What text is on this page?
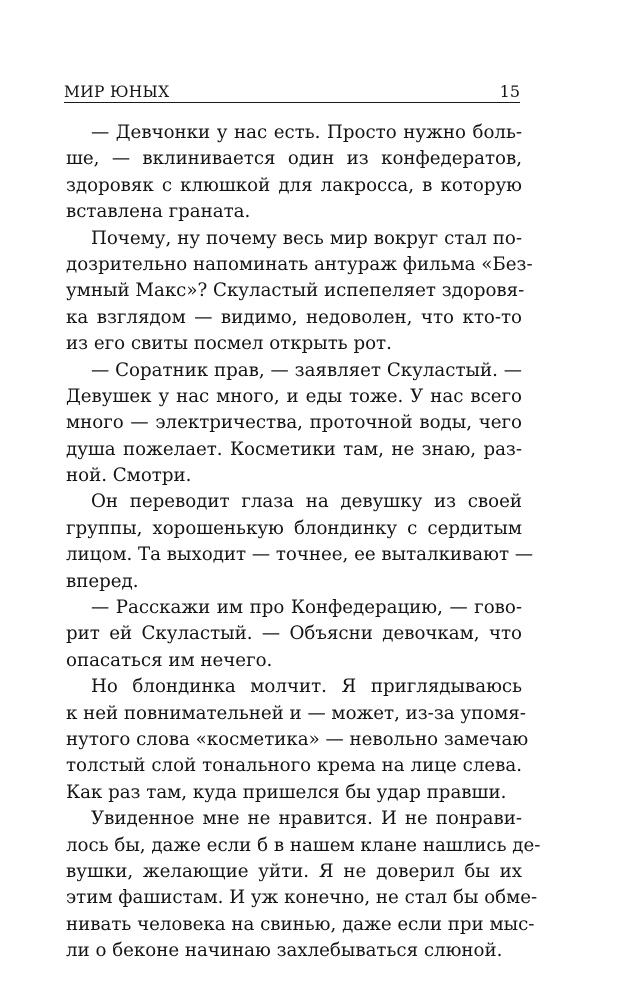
МИР ЮНЫХ	15

— Девчонки у нас есть. Просто нужно боль-
ше, — вклинивается один из конфедератов,
здоровяк с клюшкой для лакросса, в которую
вставлена граната.

Почему, ну почему весь мир вокруг стал по-
дозрительно напоминать антураж фильма «Без-
умный Макс»? Скуластый испепеляет здоровя-
ка взглядом — видимо, недоволен, что кто-то
из его свиты посмел открыть рот.

— Соратник прав, — заявляет Скуластый. —
Девушек у нас много, и еды тоже. У нас всего
много — электричества, проточной воды, чего
душа пожелает. Косметики там, не знаю, раз-
ной. Смотри.

Он переводит глаза на девушку из своей
группы, хорошенькую блондинку с сердитым
лицом. Та выходит — точнее, ее выталкивают —
вперед.

— Расскажи им про Конфедерацию, — гово-
рит ей Скуластый. — Объясни девочкам, что
опасаться им нечего.

Но блондинка молчит. Я приглядываюсь
к ней повнимательней и — может, из-за упомя-
нутого слова «косметика» — невольно замечаю
толстый слой тонального крема на лице слева.
Как раз там, куда пришелся бы удар правши.

Увиденное мне не нравится. И не понрави-
лось бы, даже если б в нашем клане нашлись де-
вушки, желающие уйти. Я не доверил бы их
этим фашистам. И уж конечно, не стал бы обме-
нивать человека на свинью, даже если при мыс-
ли о беконе начинаю захлебываться слюной.
